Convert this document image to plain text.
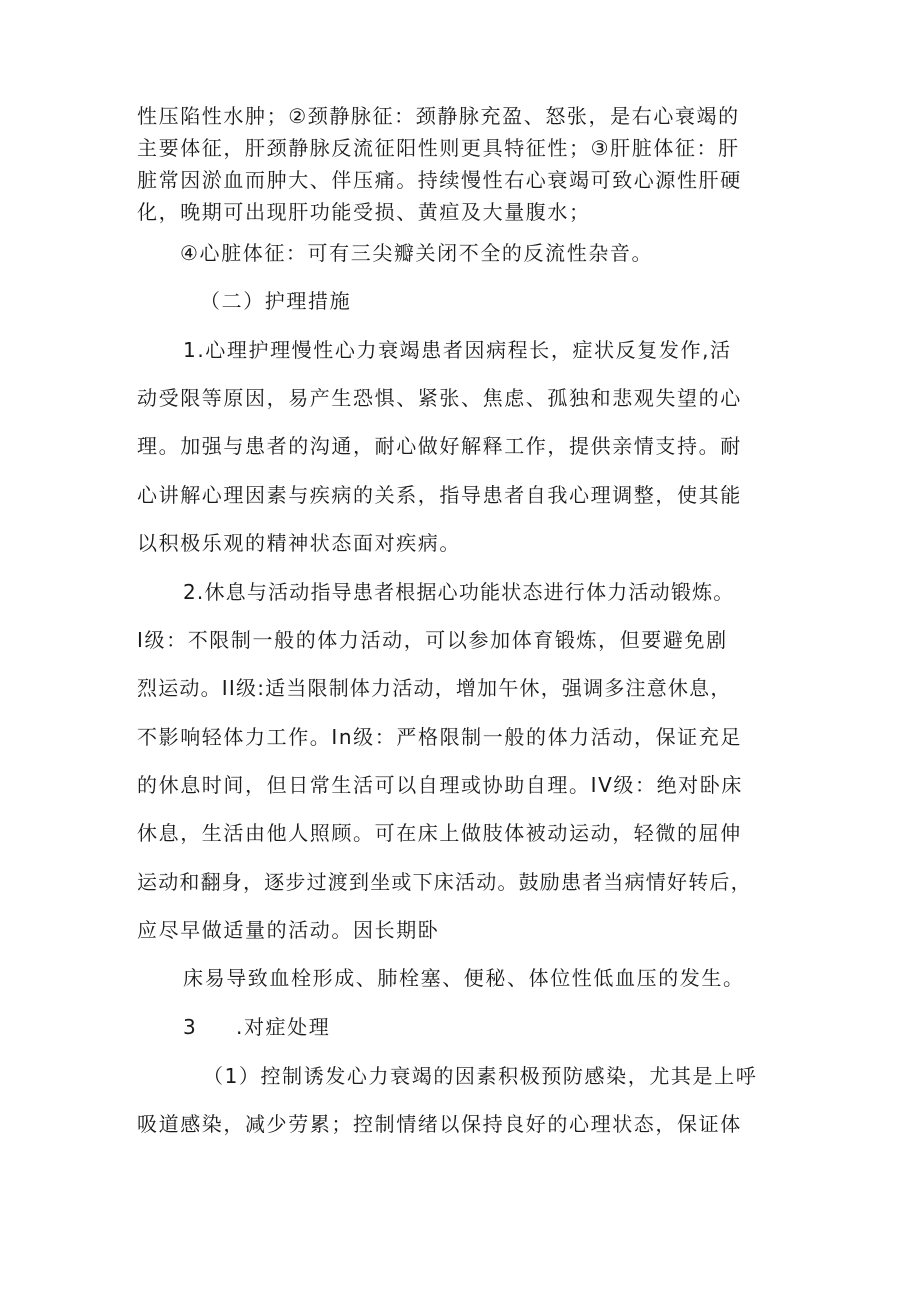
性压陷性水肿；②颈静脉征：颈静脉充盈、怒张，是右心衰竭的
主要体征，肝颈静脉反流征阳性则更具特征性；③肝脏体征：肝
脏常因淤血而肿大、伴压痛。持续慢性右心衰竭可致心源性肝硬
化，晚期可出现肝功能受损、黄疸及大量腹水；
④心脏体征：可有三尖瓣关闭不全的反流性杂音。
（二）护理措施
1.心理护理慢性心力衰竭患者因病程长，症状反复发作,活
动受限等原因，易产生恐惧、紧张、焦虑、孤独和悲观失望的心
理。加强与患者的沟通，耐心做好解释工作，提供亲情支持。耐
心讲解心理因素与疾病的关系，指导患者自我心理调整，使其能
以积极乐观的精神状态面对疾病。
2.休息与活动指导患者根据心功能状态进行体力活动锻炼。
I级：不限制一般的体力活动，可以参加体育锻炼，但要避免剧
烈运动。II级:适当限制体力活动，增加午休，强调多注意休息，
不影响轻体力工作。In级：严格限制一般的体力活动，保证充足
的休息时间，但日常生活可以自理或协助自理。IV级：绝对卧床
休息，生活由他人照顾。可在床上做肢体被动运动，轻微的屈伸
运动和翻身，逐步过渡到坐或下床活动。鼓励患者当病情好转后，
应尽早做适量的活动。因长期卧
床易导致血栓形成、肺栓塞、便秘、体位性低血压的发生。
3 .对症处理
（1）控制诱发心力衰竭的因素积极预防感染，尤其是上呼
吸道感染，减少劳累；控制情绪以保持良好的心理状态，保证体
